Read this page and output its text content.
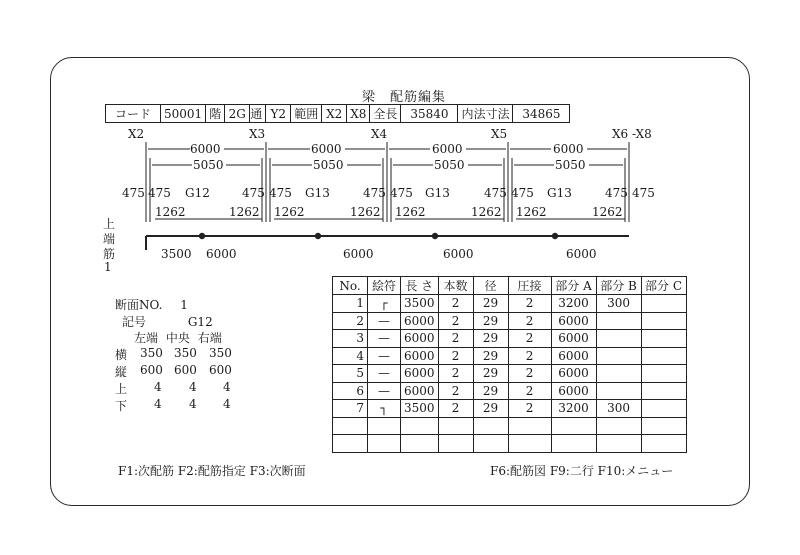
梁　配筋編集
コード	50001	階	2G	通	Y2	範囲	X2	X8	全長	35840	内法寸法	34865
X2	X3	X4	X5	X6 -X8
6000	6000	6000	6000
5050	5050	5050	5050
475 475 G12	475 475 G13	475 475 G13	475 475 G13	475 475
1262	1262 1262	1262 1262	1262 1262	1262
上
端
筋
1
3500 6000	6000	6000	6000
断面NO. 1
記号	G12
左端 中央 右端
横 350 350 350
縦 600 600 600
上 4 4 4
下 4 4 4
No.	絵符	長 さ	本数	径	圧接	部分 A	部分 B	部分 C
1	┌	3500	2	29	2	3200	300	
2	—	6000	2	29	2	6000		
3	—	6000	2	29	2	6000		
4	—	6000	2	29	2	6000		
5	—	6000	2	29	2	6000		
6	—	6000	2	29	2	6000		
7	┐	3500	2	29	2	3200	300	

F1:次配筋 F2:配筋指定 F3:次断面	F6:配筋図 F9:二行 F10:メニュー
